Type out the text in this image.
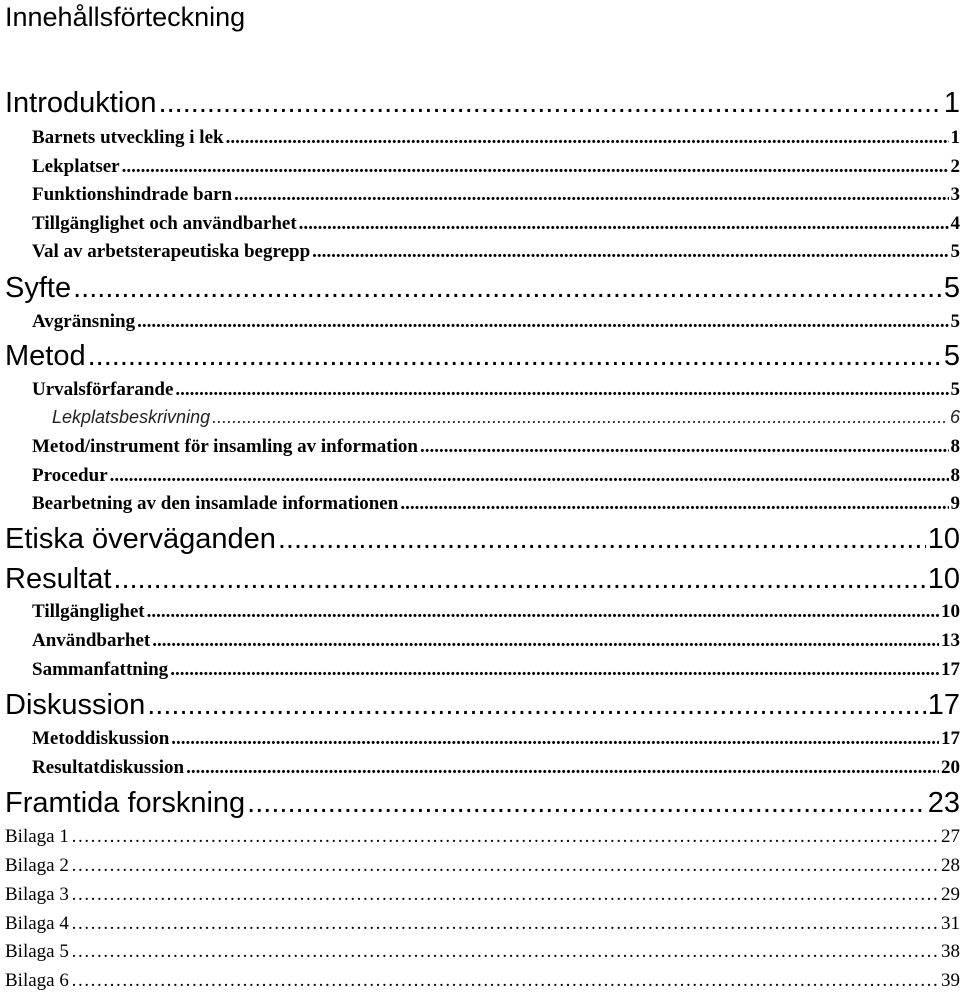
Innehållsförteckning
Introduktion .....	1
Barnets utveckling i lek .....	1
Lekplatser .....	2
Funktionshindrade barn .....	3
Tillgänglighet och användbarhet .....	4
Val av arbetsterapeutiska begrepp .....	5
Syfte .....	5
Avgränsning .....	5
Metod .....	5
Urvalsförfarande .....	5
Lekplatsbeskrivning .....	6
Metod/instrument för insamling av information .....	8
Procedur .....	8
Bearbetning av den insamlade informationen .....	9
Etiska överväganden .....	10
Resultat .....	10
Tillgänglighet .....	10
Användbarhet .....	13
Sammanfattning .....	17
Diskussion .....	17
Metoddiskussion .....	17
Resultatdiskussion .....	20
Framtida forskning .....	23
Bilaga 1 …………………………………………………………………………………………………………………………………………………………………………………………	27
Bilaga 2 …………………………………………………………………………………………………………………………………………………………………………………………	28
Bilaga 3 …………………………………………………………………………………………………………………………………………………………………………………………	29
Bilaga 4 …………………………………………………………………………………………………………………………………………………………………………………………	31
Bilaga 5 …………………………………………………………………………………………………………………………………………………………………………………………	38
Bilaga 6 …………………………………………………………………………………………………………………………………………………………………………………………	39
